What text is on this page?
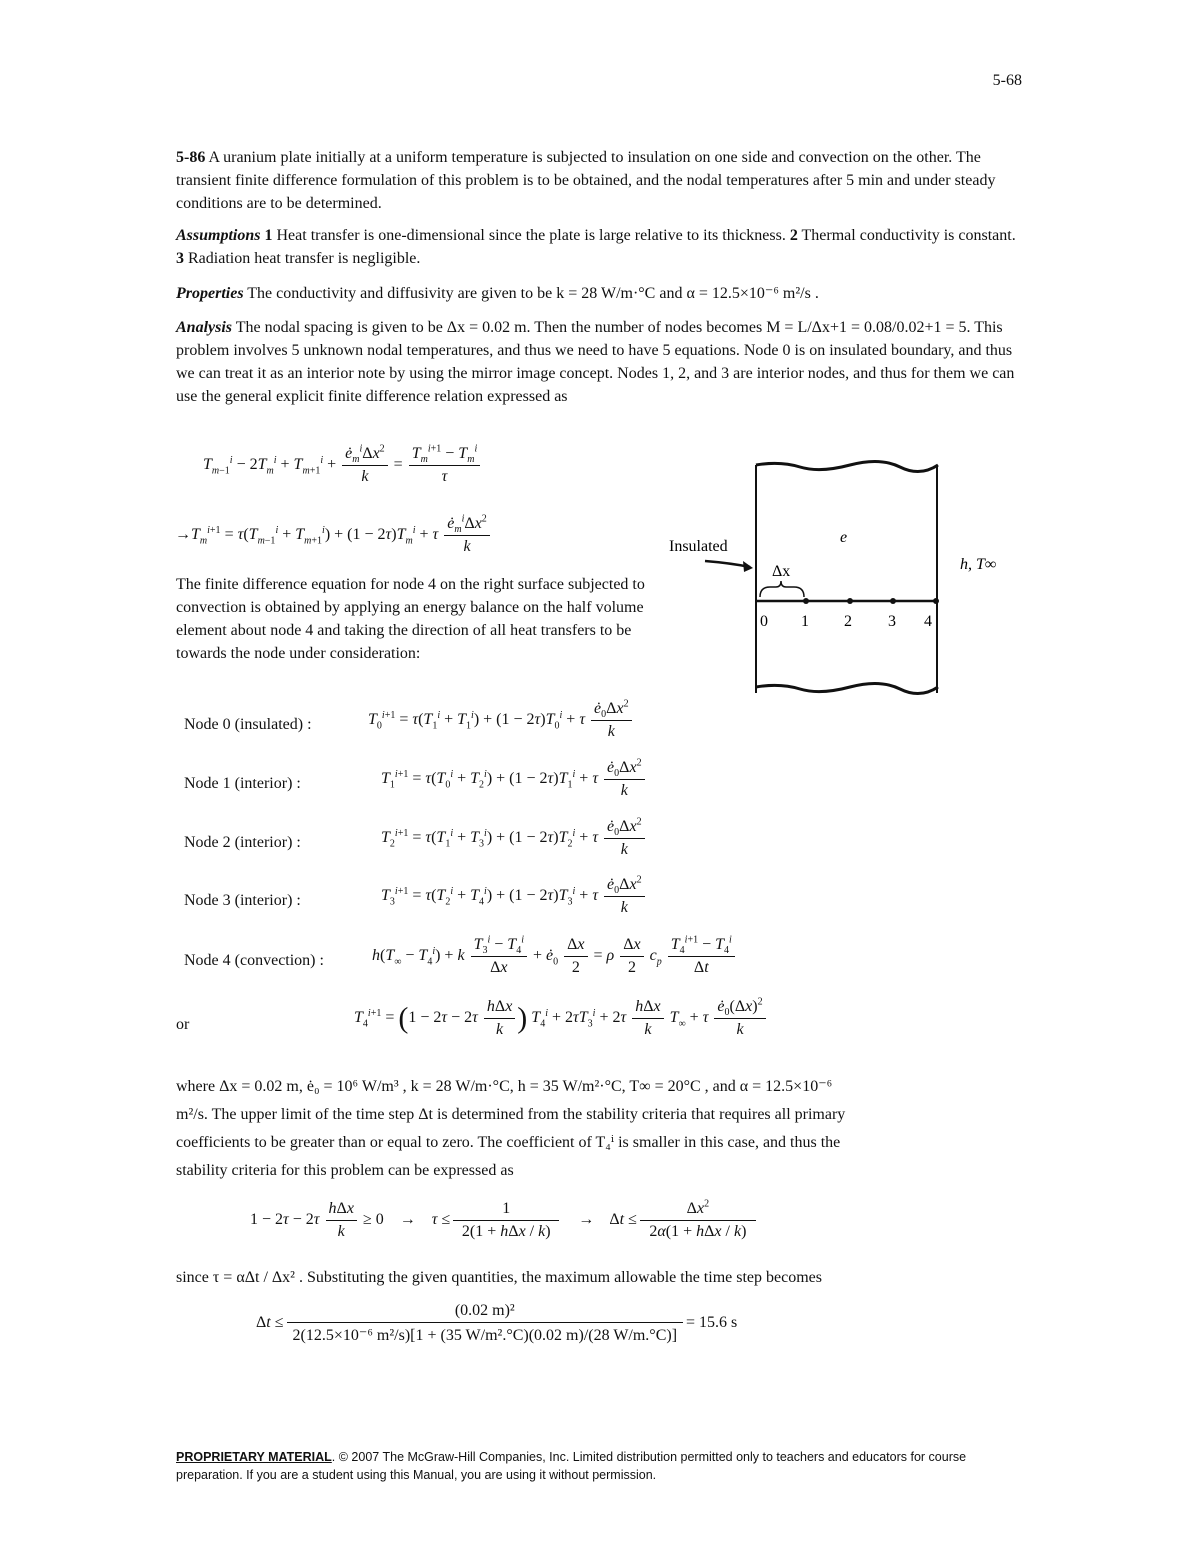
5-68
5-86 A uranium plate initially at a uniform temperature is subjected to insulation on one side and convection on the other. The transient finite difference formulation of this problem is to be obtained, and the nodal temperatures after 5 min and under steady conditions are to be determined.
Assumptions 1 Heat transfer is one-dimensional since the plate is large relative to its thickness. 2 Thermal conductivity is constant. 3 Radiation heat transfer is negligible.
Properties The conductivity and diffusivity are given to be k = 28 W/m·°C and α = 12.5×10⁻⁶ m²/s .
Analysis The nodal spacing is given to be Δx = 0.02 m. Then the number of nodes becomes M = L/Δx+1 = 0.08/0.02+1 = 5. This problem involves 5 unknown nodal temperatures, and thus we need to have 5 equations. Node 0 is on insulated boundary, and thus we can treat it as an interior note by using the mirror image concept. Nodes 1, 2, and 3 are interior nodes, and thus for them we can use the general explicit finite difference relation expressed as
$T_{m-1}^i - 2T_m^i + T_{m+1}^i + \frac{ė_m^i\Delta x^2}{k} = \frac{T_m^{i+1} - T_m^i}{\tau}$
$\to T_m^{i+1} = \tau(T_{m-1}^i + T_{m+1}^i) + (1 - 2\tau)T_m^i + \tau \frac{ė_m^i\Delta x^2}{k}$
The finite difference equation for node 4 on the right surface subjected to convection is obtained by applying an energy balance on the half volume element about node 4 and taking the direction of all heat transfers to be towards the node under consideration:
Insulated
e
Δx	h, T∞
0 1 2 3 4
Node 0 (insulated) :	$T_0^{i+1} = \tau(T_1^i + T_1^i) + (1 - 2\tau)T_0^i + \tau \frac{ė_0\Delta x^2}{k}$
Node 1 (interior) :	$T_1^{i+1} = \tau(T_0^i + T_2^i) + (1 - 2\tau)T_1^i + \tau \frac{ė_0\Delta x^2}{k}$
Node 2 (interior) :	$T_2^{i+1} = \tau(T_1^i + T_3^i) + (1 - 2\tau)T_2^i + \tau \frac{ė_0\Delta x^2}{k}$
Node 3 (interior) :	$T_3^{i+1} = \tau(T_2^i + T_4^i) + (1 - 2\tau)T_3^i + \tau \frac{ė_0\Delta x^2}{k}$
Node 4 (convection) :	$h(T_\infty - T_4^i) + k \frac{T_3^i - T_4^i}{\Delta x}$ + $ė_0 \frac{\Delta x}{2} = \rho \frac{\Delta x}{2} c_p \frac{T_4^{i+1} - T_4^i}{\Delta t}$
or	$T_4^{i+1} = (1 - 2\tau - 2\tau \frac{\text{hΔx}}{k}$ ) $T_4^i + 2\tau T_3^i + 2\tau \frac{\text{hΔx}}{k} T_\infty + \tau \frac{ė_0(\Delta x)^2}{k}$
where Δx = 0.02 m, ė₀ = 10⁶ W/m³ , k = 28 W/m·°C, h = 35 W/m²·°C, T∞ = 20°C , and α = 12.5×10⁻⁶
m²/s. The upper limit of the time step Δt is determined from the stability criteria that requires all primary
coefficients to be greater than or equal to zero. The coefficient of T₄ⁱ is smaller in this case, and thus the
stability criteria for this problem can be expressed as
$1 - 2\tau - 2\tau \frac{\text{hΔx}}{k} \ge 0$    →    $\tau \le \frac{1}{\text{2(1 + hΔx / k)}}$ →    $\Delta t \le \frac{\Delta x^2}{\text{2α(1 + hΔx / k)}}$
since τ = αΔt / Δx² . Substituting the given quantities, the maximum allowable the time step becomes
$\Delta t \le \frac{\text{(0.02 m)²}}{\text{2(12.5×10⁻⁶ m²/s)[1 + (35 W/m².°C)(0.02 m)/(28 W/m.°C)]}} = 15.6$ s
PROPRIETARY MATERIAL. © 2007 The McGraw-Hill Companies, Inc. Limited distribution permitted only to teachers and educators for course preparation. If you are a student using this Manual, you are using it without permission.
